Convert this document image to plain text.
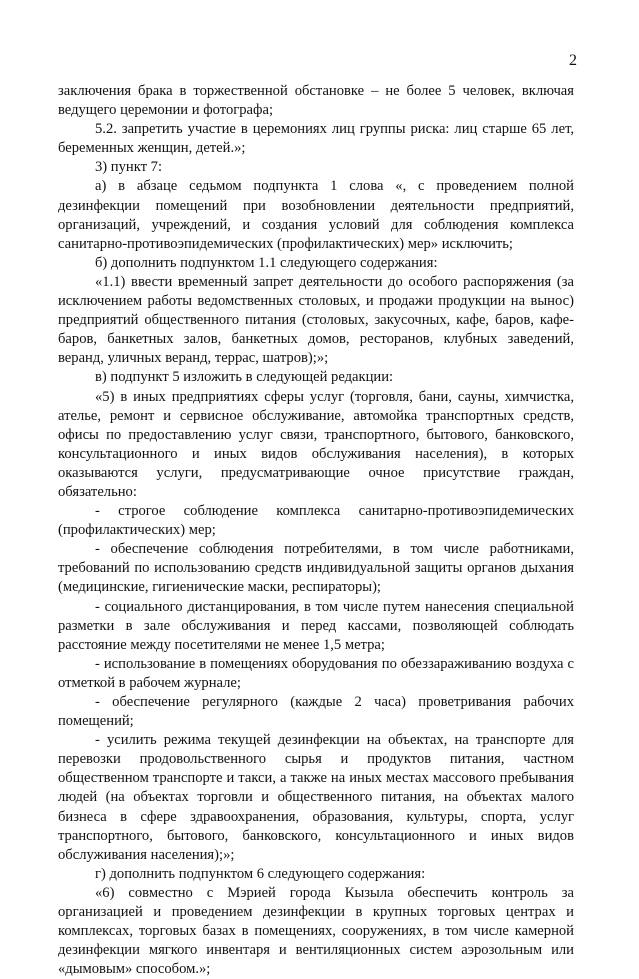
2

заключения брака в торжественной обстановке – не более 5 человек, включая ведущего церемонии и фотографа;

5.2. запретить участие в церемониях лиц группы риска: лиц старше 65 лет, беременных женщин, детей.»;

3) пункт 7:

а) в абзаце седьмом подпункта 1 слова «, с проведением полной дезинфекции помещений при возобновлении деятельности предприятий, организаций, учреждений, и создания условий для соблюдения комплекса санитарно-противоэпидемических (профилактических) мер» исключить;

б) дополнить подпунктом 1.1 следующего содержания:

«1.1) ввести временный запрет деятельности до особого распоряжения (за исключением работы ведомственных столовых, и продажи продукции на вынос) предприятий общественного питания (столовых, закусочных, кафе, баров, кафе-баров, банкетных залов, банкетных домов, ресторанов, клубных заведений, веранд, уличных веранд, террас, шатров);»;

в) подпункт 5 изложить в следующей редакции:

«5) в иных предприятиях сферы услуг (торговля, бани, сауны, химчистка, ателье, ремонт и сервисное обслуживание, автомойка транспортных средств, офисы по предоставлению услуг связи, транспортного, бытового, банковского, консультационного и иных видов обслуживания населения), в которых оказываются услуги, предусматривающие очное присутствие граждан, обязательно:

- строгое соблюдение комплекса санитарно-противоэпидемических (профилактических) мер;

- обеспечение соблюдения потребителями, в том числе работниками, требований по использованию средств индивидуальной защиты органов дыхания (медицинские, гигиенические маски, респираторы);

- социального дистанцирования, в том числе путем нанесения специальной разметки в зале обслуживания и перед кассами, позволяющей соблюдать расстояние между посетителями не менее 1,5 метра;

- использование в помещениях оборудования по обеззараживанию воздуха с отметкой в рабочем журнале;

- обеспечение регулярного (каждые 2 часа) проветривания рабочих помещений;

- усилить режима текущей дезинфекции на объектах, на транспорте для перевозки продовольственного сырья и продуктов питания, частном общественном транспорте и такси, а также на иных местах массового пребывания людей (на объектах торговли и общественного питания, на объектах малого бизнеса в сфере здравоохранения, образования, культуры, спорта, услуг транспортного, бытового, банковского, консультационного и иных видов обслуживания населения);»;

г) дополнить подпунктом 6 следующего содержания:

«6) совместно с Мэрией города Кызыла обеспечить контроль за организацией и проведением дезинфекции в крупных торговых центрах и комплексах, торговых базах в помещениях, сооружениях, в том числе камерной дезинфекции мягкого инвентаря и вентиляционных систем аэрозольным или «дымовым» способом.»;
